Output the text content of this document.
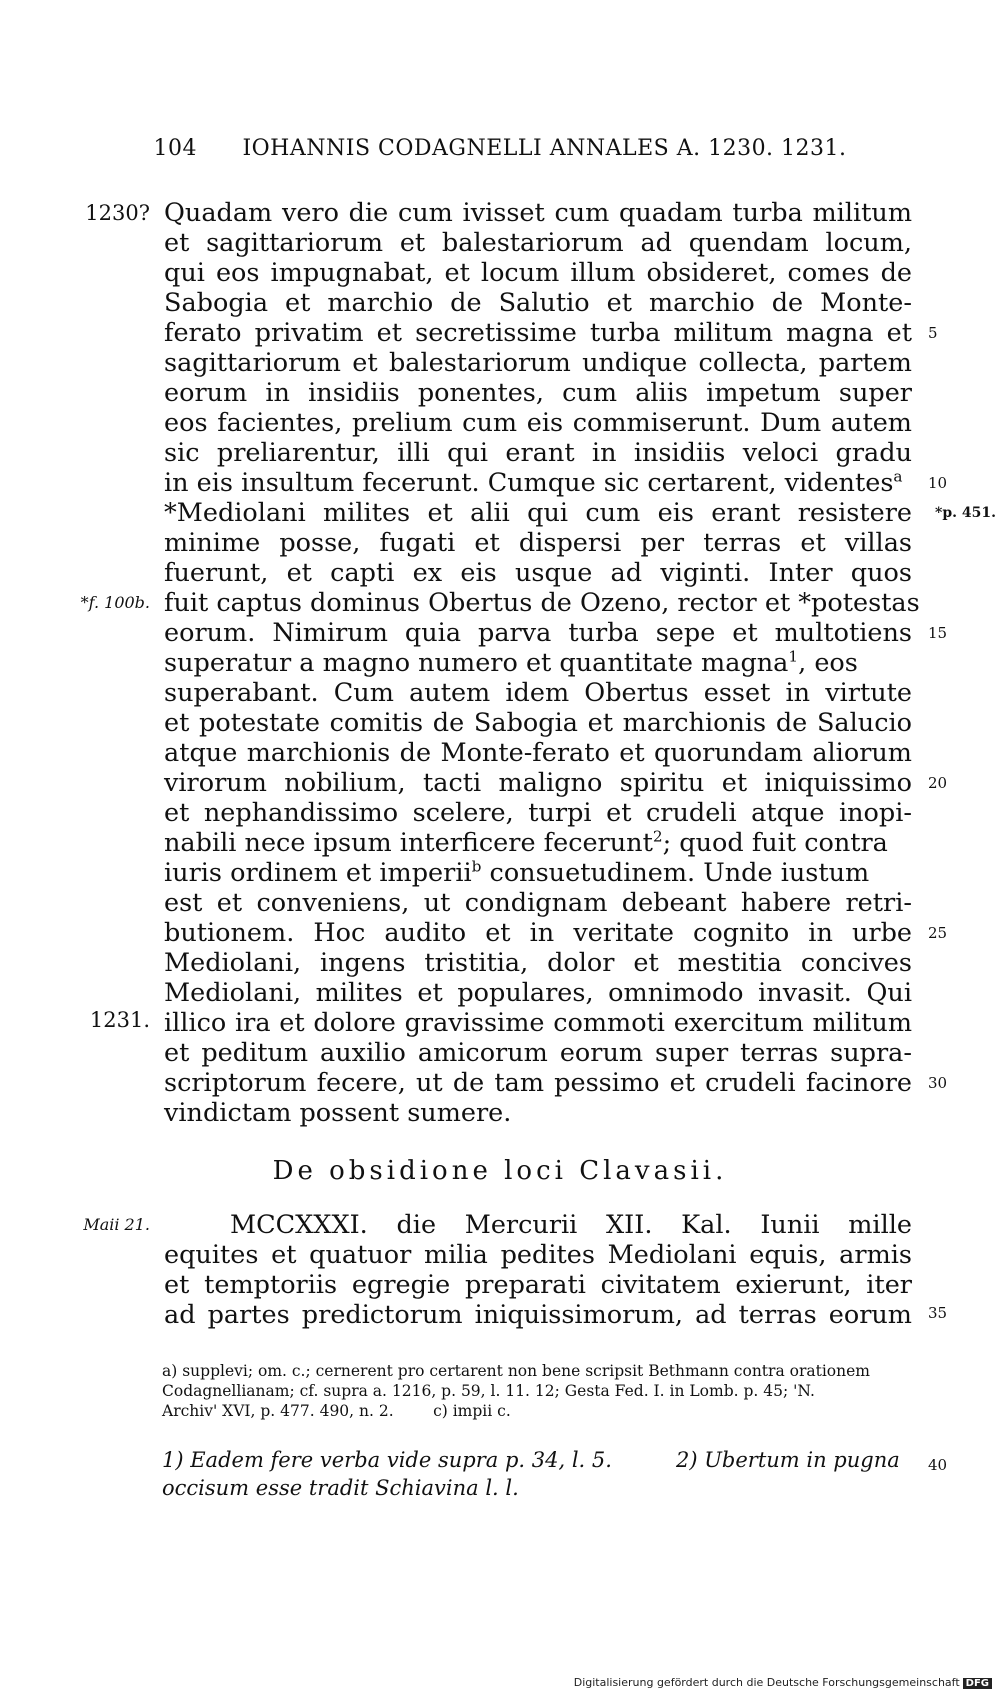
104 IOHANNIS CODAGNELLI ANNALES A. 1230. 1231.
1230?
*f. 100b.
1231.
Maii 21.
*p. 451.
Quadam vero die cum ivisset cum quadam turba militum
et sagittariorum et balestariorum ad quendam locum,
qui eos impugnabat, et locum illum obsideret, comes de
Sabogia et marchio de Salutio et marchio de Monte-
ferato privatim et secretissime turba militum magna et
sagittariorum et balestariorum undique collecta, partem
eorum in insidiis ponentes, cum aliis impetum super
eos facientes, prelium cum eis commiserunt. Dum autem
sic preliarentur, illi qui erant in insidiis veloci gradu
in eis insultum fecerunt. Cumque sic certarent, videntes$^a$
*Mediolani milites et alii qui cum eis erant resistere
minime posse, fugati et dispersi per terras et villas
fuerunt, et capti ex eis usque ad viginti. Inter quos
fuit captus dominus Obertus de Ozeno, rector et *potestas
eorum. Nimirum quia parva turba sepe et multotiens
superatur a magno numero et quantitate magna$^1$, eos
superabant. Cum autem idem Obertus esset in virtute
et potestate comitis de Sabogia et marchionis de Salucio
atque marchionis de Monte-ferato et quorundam aliorum
virorum nobilium, tacti maligno spiritu et iniquissimo
et nephandissimo scelere, turpi et crudeli atque inopi-
nabili nece ipsum interficere fecerunt$^2$; quod fuit contra
iuris ordinem et imperii$^b$ consuetudinem. Unde iustum
est et conveniens, ut condignam debeant habere retri-
butionem. Hoc audito et in veritate cognito in urbe
Mediolani, ingens tristitia, dolor et mestitia concives
Mediolani, milites et populares, omnimodo invasit. Qui
illico ira et dolore gravissime commoti exercitum militum
et peditum auxilio amicorum eorum super terras supra-
scriptorum fecere, ut de tam pessimo et crudeli facinore
vindictam possent sumere.
5
10
15
20
25
30
35
40
De obsidione loci Clavasii.
MCCXXXI. die Mercurii XII. Kal. Iunii mille
equites et quatuor milia pedites Mediolani equis, armis
et temptoriis egregie preparati civitatem exierunt, iter
ad partes predictorum iniquissimorum, ad terras eorum
a) supplevi; om. c.; cernerent pro certarent non bene scripsit Bethmann contra orationem
Codagnellianam; cf. supra a. 1216, p. 59, l. 11. 12; Gesta Fed. I. in Lomb. p. 45; 'N.
Archiv' XVI, p. 477. 490, n. 2.        c) impii c.
1) Eadem fere verba vide supra p. 34, l. 5.	2) Ubertum in pugna
occisum esse tradit Schiavina l. l.
Digitalisierung gefördert durch die Deutsche Forschungsgemeinschaft DFG
